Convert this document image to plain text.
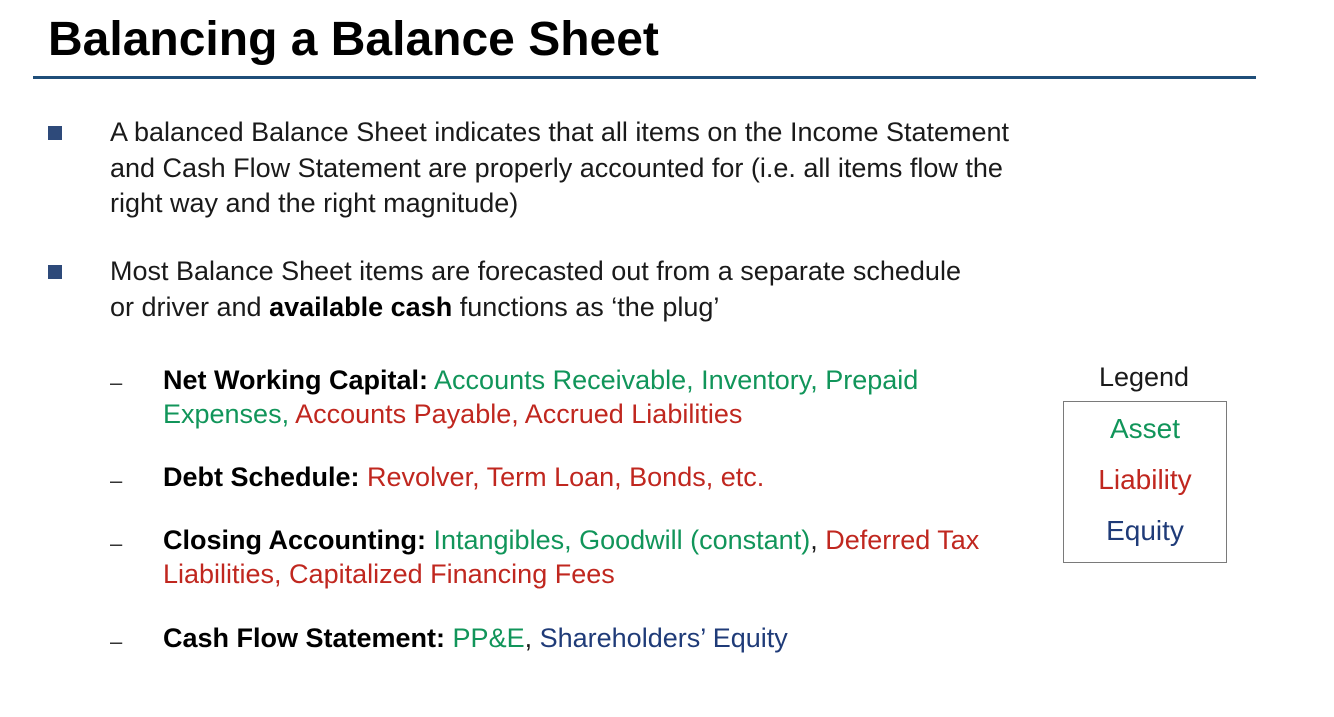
Balancing a Balance Sheet
A balanced Balance Sheet indicates that all items on the Income Statement and Cash Flow Statement are properly accounted for (i.e. all items flow the right way and the right magnitude)
Most Balance Sheet items are forecasted out from a separate schedule or driver and available cash functions as ‘the plug’
– Net Working Capital: Accounts Receivable, Inventory, Prepaid Expenses, Accounts Payable, Accrued Liabilities
– Debt Schedule: Revolver, Term Loan, Bonds, etc.
– Closing Accounting: Intangibles, Goodwill (constant), Deferred Tax Liabilities, Capitalized Financing Fees
– Cash Flow Statement: PP&E, Shareholders’ Equity
Legend
Asset
Liability
Equity
